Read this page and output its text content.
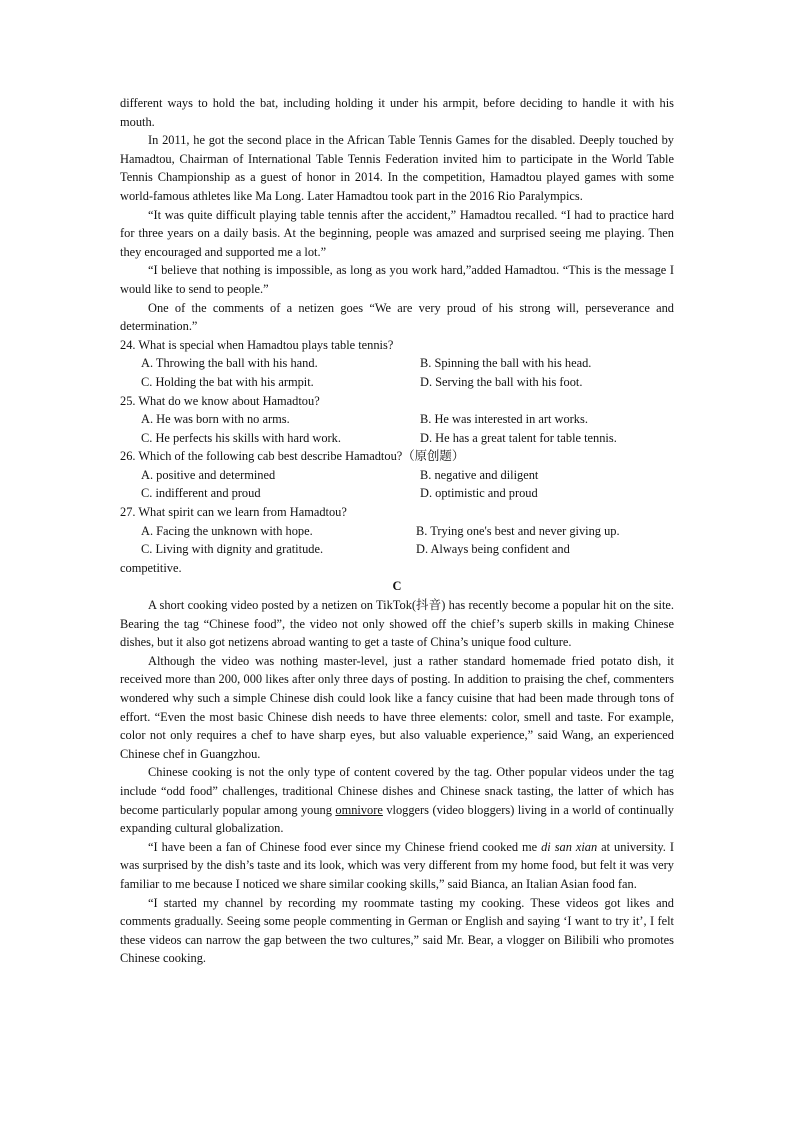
different ways to hold the bat, including holding it under his armpit, before deciding to handle it with his mouth.

In 2011, he got the second place in the African Table Tennis Games for the disabled. Deeply touched by Hamadtou, Chairman of International Table Tennis Federation invited him to participate in the World Table Tennis Championship as a guest of honor in 2014. In the competition, Hamadtou played games with some world-famous athletes like Ma Long. Later Hamadtou took part in the 2016 Rio Paralympics.

“It was quite difficult playing table tennis after the accident,” Hamadtou recalled. “I had to practice hard for three years on a daily basis. At the beginning, people was amazed and surprised seeing me playing. Then they encouraged and supported me a lot.”

“I believe that nothing is impossible, as long as you work hard,”added Hamadtou. “This is the message I would like to send to people.”

One of the comments of a netizen goes “We are very proud of his strong will, perseverance and determination.”

24. What is special when Hamadtou plays table tennis?

A. Throwing the ball with his hand.	B. Spinning the ball with his head.
C. Holding the bat with his armpit.	D. Serving the ball with his foot.

25. What do we know about Hamadtou?

A. He was born with no arms.	B. He was interested in art works.
C. He perfects his skills with hard work.	D. He has a great talent for table tennis.

26. Which of the following cab best describe Hamadtou?（原创题）

A. positive and determined	B. negative and diligent
C. indifferent and proud	D. optimistic and proud

27. What spirit can we learn from Hamadtou?

A. Facing the unknown with hope.	B. Trying one's best and never giving up.
C. Living with dignity and gratitude.	D. Always being confident and

competitive.

C

A short cooking video posted by a netizen on TikTok(抖音) has recently become a popular hit on the site. Bearing the tag “Chinese food”, the video not only showed off the chief’s superb skills in making Chinese dishes, but it also got netizens abroad wanting to get a taste of China’s unique food culture.

Although the video was nothing master-level, just a rather standard homemade fried potato dish, it received more than 200, 000 likes after only three days of posting. In addition to praising the chef, commenters wondered why such a simple Chinese dish could look like a fancy cuisine that had been made through tons of effort. “Even the most basic Chinese dish needs to have three elements: color, smell and taste. For example, color not only requires a chef to have sharp eyes, but also valuable experience,” said Wang, an experienced Chinese chef in Guangzhou.

Chinese cooking is not the only type of content covered by the tag. Other popular videos under the tag include “odd food” challenges, traditional Chinese dishes and Chinese snack tasting, the latter of which has become particularly popular among young omnivore vloggers (video bloggers) living in a world of continually expanding cultural globalization.

“I have been a fan of Chinese food ever since my Chinese friend cooked me di san xian at university. I was surprised by the dish’s taste and its look, which was very different from my home food, but felt it was very familiar to me because I noticed we share similar cooking skills,” said Bianca, an Italian Asian food fan.

“I started my channel by recording my roommate tasting my cooking. These videos got likes and comments gradually. Seeing some people commenting in German or English and saying ‘I want to try it’, I felt these videos can narrow the gap between the two cultures,” said Mr. Bear, a vlogger on Bilibili who promotes Chinese cooking.
